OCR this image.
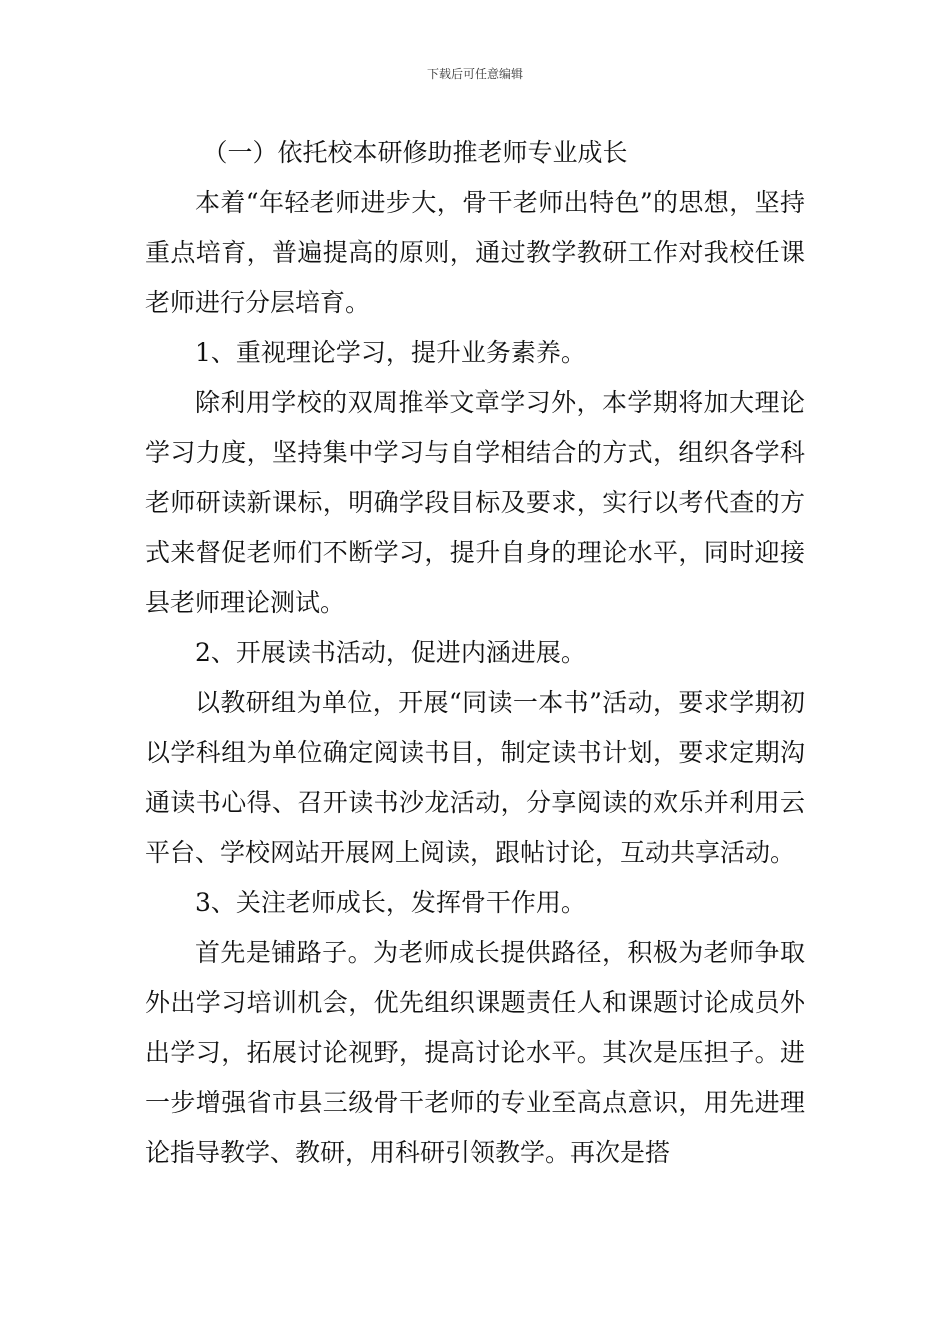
下载后可任意编辑

（一）依托校本研修助推老师专业成长

本着“年轻老师进步大，骨干老师出特色”的思想，坚持重点培育，普遍提高的原则，通过教学教研工作对我校任课老师进行分层培育。

1、重视理论学习，提升业务素养。

除利用学校的双周推举文章学习外，本学期将加大理论学习力度，坚持集中学习与自学相结合的方式，组织各学科老师研读新课标，明确学段目标及要求，实行以考代查的方式来督促老师们不断学习，提升自身的理论水平，同时迎接县老师理论测试。

2、开展读书活动，促进内涵进展。

以教研组为单位，开展“同读一本书”活动，要求学期初以学科组为单位确定阅读书目，制定读书计划，要求定期沟通读书心得、召开读书沙龙活动，分享阅读的欢乐并利用云平台、学校网站开展网上阅读，跟帖讨论，互动共享活动。

3、关注老师成长，发挥骨干作用。

首先是铺路子。为老师成长提供路径，积极为老师争取外出学习培训机会，优先组织课题责任人和课题讨论成员外出学习，拓展讨论视野，提高讨论水平。其次是压担子。进一步增强省市县三级骨干老师的专业至高点意识，用先进理论指导教学、教研，用科研引领教学。再次是搭
